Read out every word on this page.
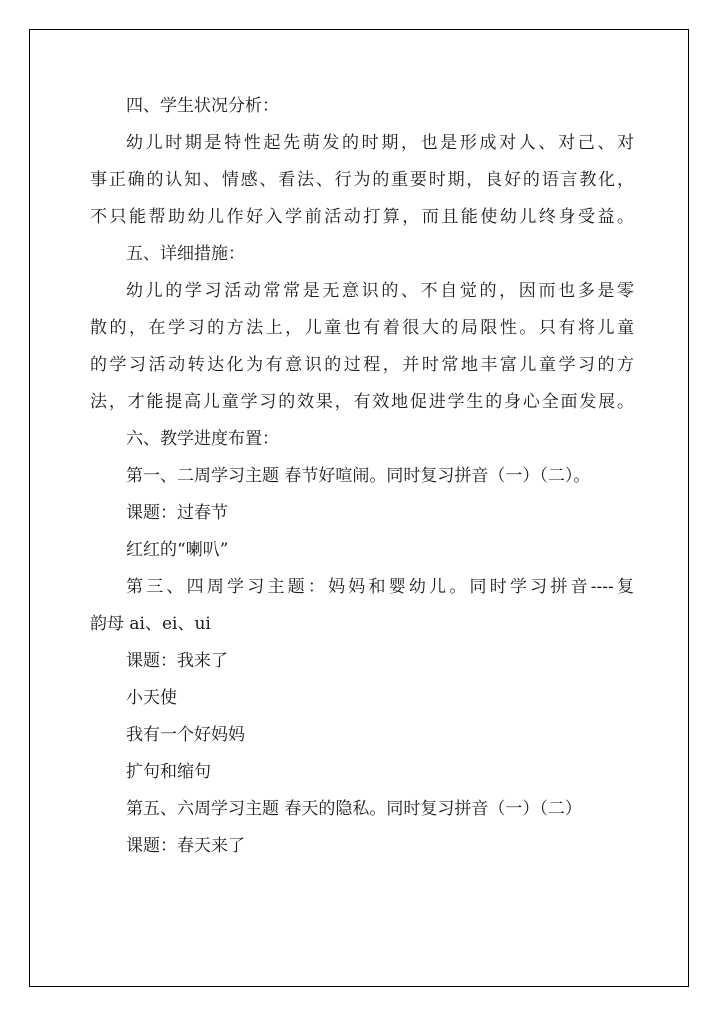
四、学生状况分析：
幼儿时期是特性起先萌发的时期，也是形成对人、对己、对
事正确的认知、情感、看法、行为的重要时期，良好的语言教化，
不只能帮助幼儿作好入学前活动打算，而且能使幼儿终身受益。
五、详细措施：
幼儿的学习活动常常是无意识的、不自觉的，因而也多是零
散的，在学习的方法上，儿童也有着很大的局限性。只有将儿童
的学习活动转达化为有意识的过程，并时常地丰富儿童学习的方
法，才能提高儿童学习的效果，有效地促进学生的身心全面发展。
六、教学进度布置：
第一、二周学习主题 春节好喧闹。同时复习拼音（一）（二）。
课题：过春节
红红的“喇叭”
第三、四周学习主题：妈妈和婴幼儿。同时学习拼音----复
韵母 ai、ei、ui
课题：我来了
小天使
我有一个好妈妈
扩句和缩句
第五、六周学习主题 春天的隐私。同时复习拼音（一）（二）
课题：春天来了
